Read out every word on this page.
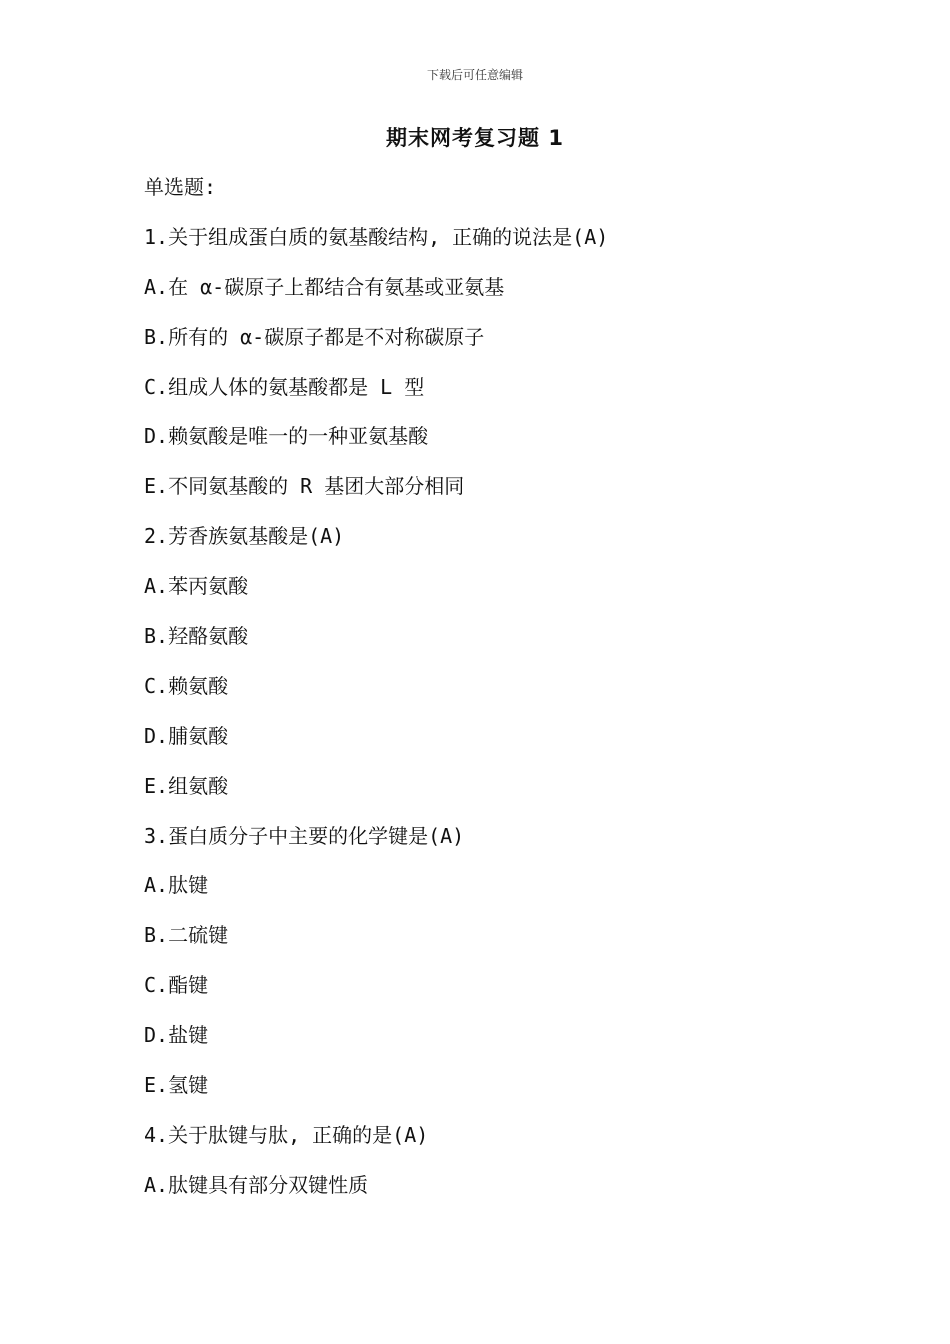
下载后可任意编辑
期末网考复习题 1
单选题:
1.关于组成蛋白质的氨基酸结构, 正确的说法是(A)
A.在 α-碳原子上都结合有氨基或亚氨基
B.所有的 α-碳原子都是不对称碳原子
C.组成人体的氨基酸都是 L 型
D.赖氨酸是唯一的一种亚氨基酸
E.不同氨基酸的 R 基团大部分相同
2.芳香族氨基酸是(A)
A.苯丙氨酸
B.羟酪氨酸
C.赖氨酸
D.脯氨酸
E.组氨酸
3.蛋白质分子中主要的化学键是(A)
A.肽键
B.二硫键
C.酯键
D.盐键
E.氢键
4.关于肽键与肽, 正确的是(A)
A.肽键具有部分双键性质
